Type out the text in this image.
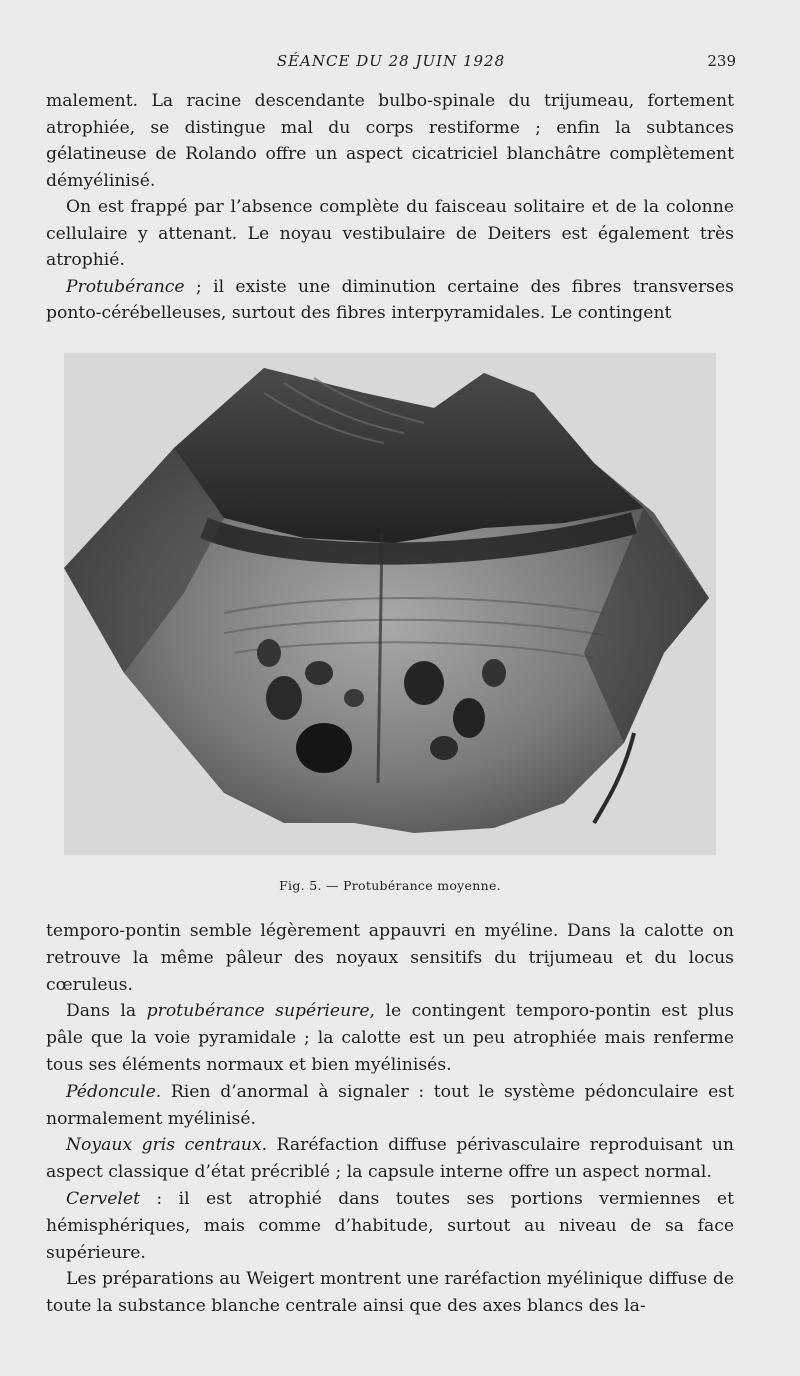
SÉANCE DU 28 JUIN 1928	239

malement. La racine descendante bulbo-spinale du trijumeau, fortement atrophiée, se distingue mal du corps restiforme ; enfin la subtances gélatineuse de Rolando offre un aspect cicatriciel blanchâtre complètement démyélinisé.

On est frappé par l’absence complète du faisceau solitaire et de la colonne cellulaire y attenant. Le noyau vestibulaire de Deiters est également très atrophié.

Protubérance ; il existe une diminution certaine des fibres transverses ponto-cérébelleuses, surtout des fibres interpyramidales. Le contingent

Fig. 5. — Protubérance moyenne.

temporo-pontin semble légèrement appauvri en myéline. Dans la calotte on retrouve la même pâleur des noyaux sensitifs du trijumeau et du locus cœruleus.

Dans la protubérance supérieure, le contingent temporo-pontin est plus pâle que la voie pyramidale ; la calotte est un peu atrophiée mais renferme tous ses éléments normaux et bien myélinisés.

Pédoncule. Rien d’anormal à signaler : tout le système pédonculaire est normalement myélinisé.

Noyaux gris centraux. Raréfaction diffuse périvasculaire reproduisant un aspect classique d’état précriblé ; la capsule interne offre un aspect normal.

Cervelet : il est atrophié dans toutes ses portions vermiennes et hémisphériques, mais comme d’habitude, surtout au niveau de sa face supérieure.

Les préparations au Weigert montrent une raréfaction myélinique diffuse de toute la substance blanche centrale ainsi que des axes blancs des la-
